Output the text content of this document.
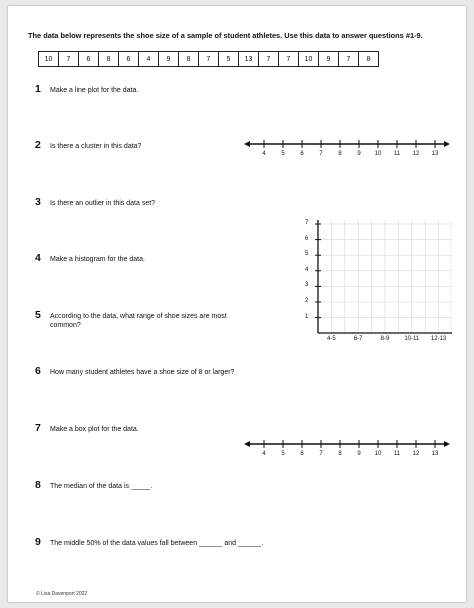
The data below represents the shoe size of a sample of student athletes. Use this data to answer questions #1-9.
10	7	6	8	6	4	9	8	7	5	13	7	7	10	9	7	8
1 Make a line plot for the data.
2 Is there a cluster in this data?
3 Is there an outlier in this data set?
4 Make a histogram for the data.
5 According to the data, what range of shoe sizes are most common?
6 How many student athletes have a shoe size of 8 or larger?
7 Make a box plot for the data.
8 The median of the data is _____.
9 The middle 50% of the data values fall between ______ and ______.
4	5	6	7	8	9 10 11 12 13
4	5	6	7	8	9 10 11 12 13
7
6
5
4
3
2
1
4-5	6-7	8-9	10-11 12-13
© Lisa Davenport 2022
